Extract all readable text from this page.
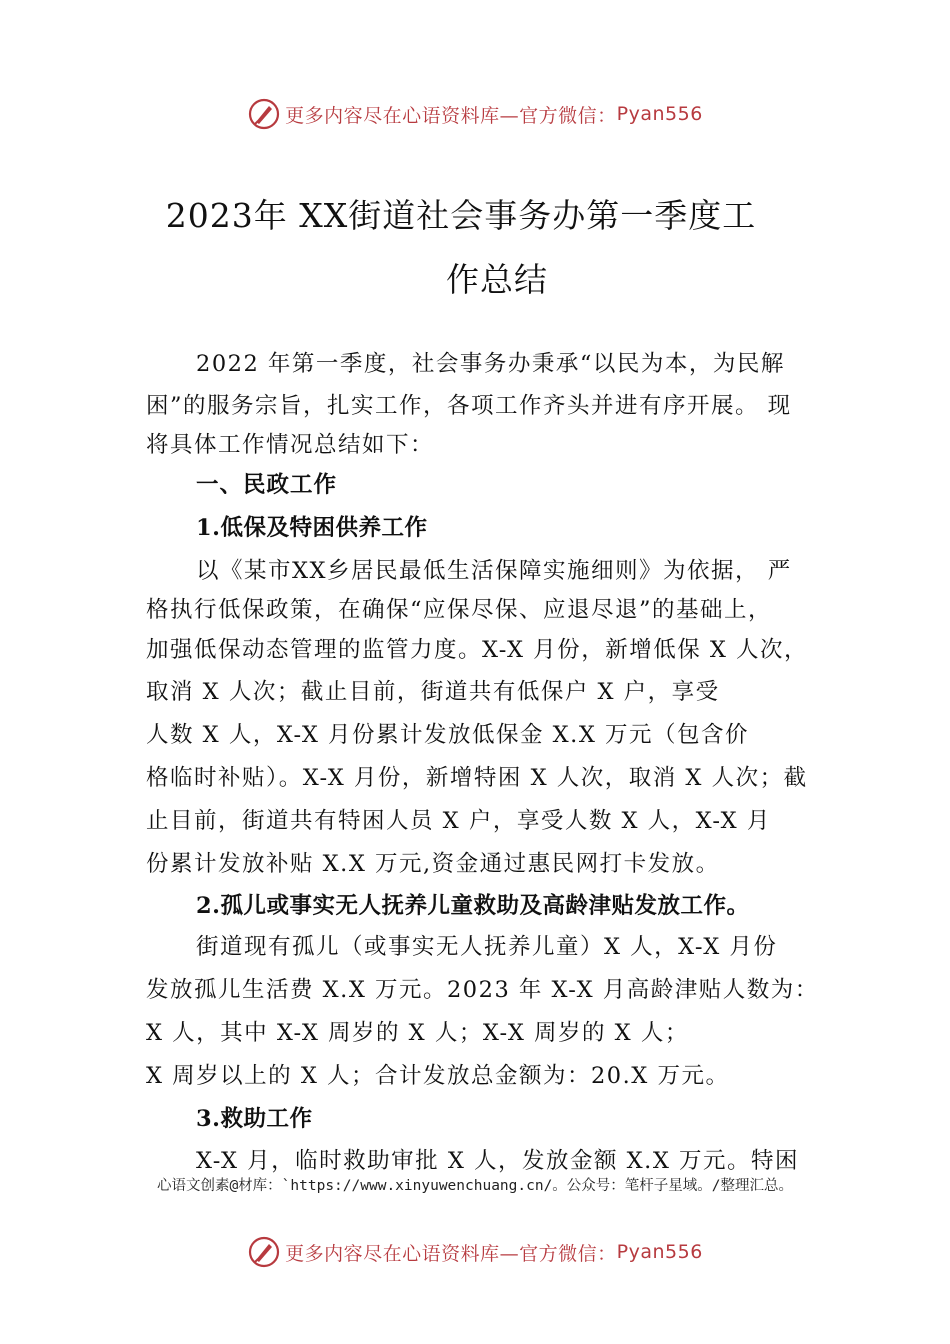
更多内容尽在心语资料库—官方微信： Pyan556
2023年 XX街道社会事务办第一季度工
作总结
2022 年第一季度，社会事务办秉承“以民为本，为民解
困”的服务宗旨，扎实工作，各项工作齐头并进有序开展。 现
将具体工作情况总结如下：
一、民政工作
1.低保及特困供养工作
以《某市XX乡居民最低生活保障实施细则》为依据， 严
格执行低保政策，在确保“应保尽保、应退尽退”的基础上，
加强低保动态管理的监管力度。X-X 月份，新增低保 X 人次，
取消 X 人次；截止目前，街道共有低保户 X 户，享受
人数 X 人，X-X 月份累计发放低保金 X.X 万元（包含价
格临时补贴）。X-X 月份，新增特困 X 人次，取消 X 人次；截
止目前，街道共有特困人员 X 户，享受人数 X 人，X-X 月
份累计发放补贴 X.X 万元,资金通过惠民网打卡发放。
2.孤儿或事实无人抚养儿童救助及高龄津贴发放工作。
街道现有孤儿（或事实无人抚养儿童）X 人，X-X 月份
发放孤儿生活费 X.X 万元。2023 年 X-X 月高龄津贴人数为：
X 人，其中 X-X 周岁的 X 人；X-X 周岁的 X 人；
X 周岁以上的 X 人；合计发放总金额为：20.X 万元。
3.救助工作
X-X 月，临时救助审批 X 人，发放金额 X.X 万元。特困
心语文创素@材库：`https://www.xinyuwenchuang.cn/。公众号：笔杆子星域。/整理汇总。
更多内容尽在心语资料库—官方微信： Pyan556
